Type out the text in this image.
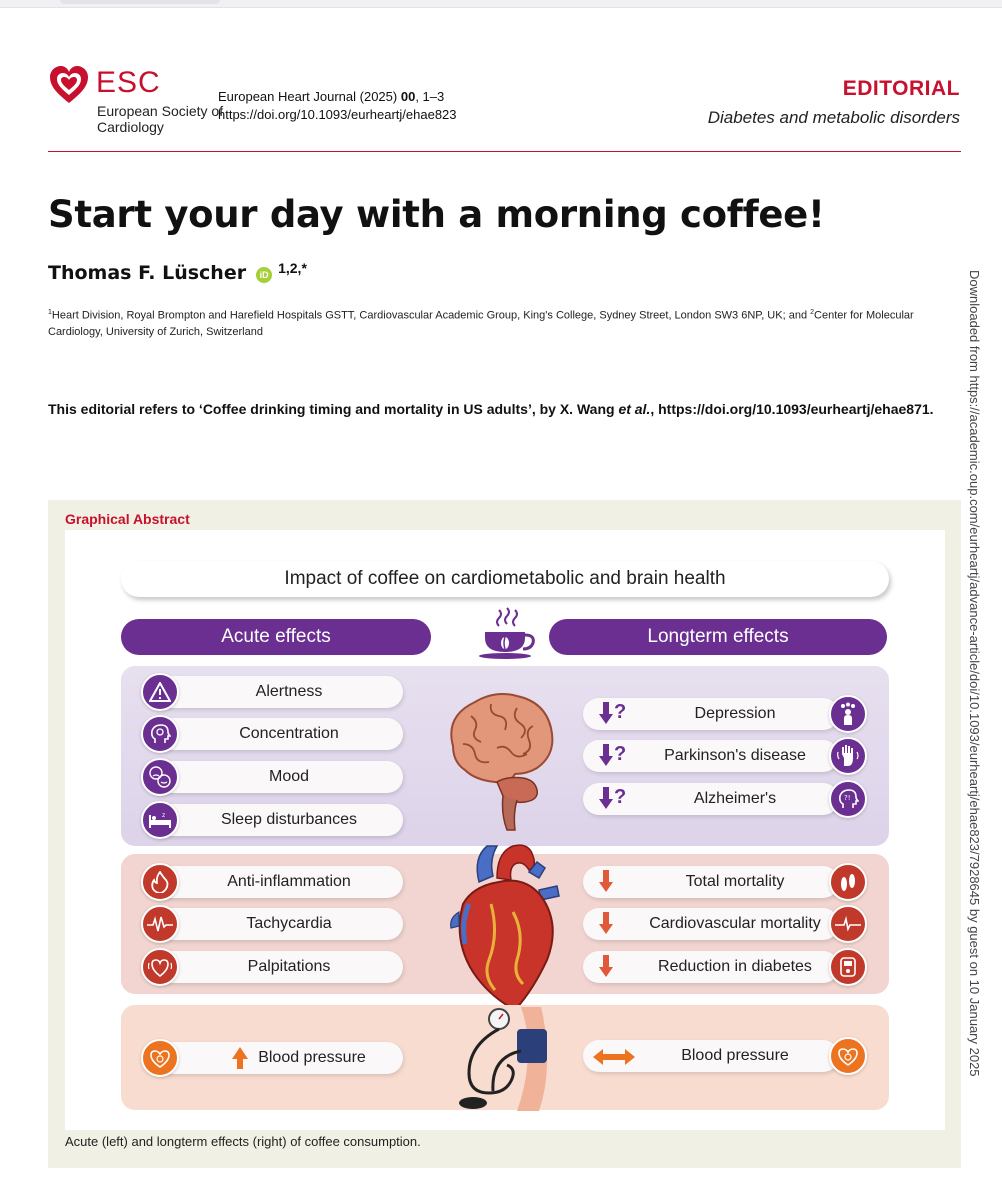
ESC
European Society of Cardiology
European Heart Journal (2025) 00, 1–3
https://doi.org/10.1093/eurheartj/ehae823
EDITORIAL
Diabetes and metabolic disorders
Start your day with a morning coffee!
Thomas F. Lüscher	iD 1,2,*
$^1$Heart Division, Royal Brompton and Harefield Hospitals GSTT, Cardiovascular Academic Group, King's College, Sydney Street, London SW3 6NP, UK; and $^2$Center for Molecular Cardiology, University of Zurich, Switzerland

This editorial refers to ‘Coffee drinking timing and mortality in US adults’, by X. Wang et al., https://doi.org/10.1093/eurheartj/ehae871.	Downloaded from https://academic.oup.com/eurheartj/advance-article/doi/10.1093/eurheartj/ehae823/7928645 by guest on 10 January 2025
Graphical Abstract
Impact of coffee on cardiometabolic and brain health
Acute effects	Longterm effects
Alertness
Concentration
Mood
Sleep disturbances
z
Depression
Parkinson's disease
Alzheimer's
?
?
?	?!
Anti-inflammation
Tachycardia
Palpitations
Total mortality
Cardiovascular mortality
Reduction in diabetes
Blood pressure	Blood pressure
Acute (left) and longterm effects (right) of coffee consumption.
